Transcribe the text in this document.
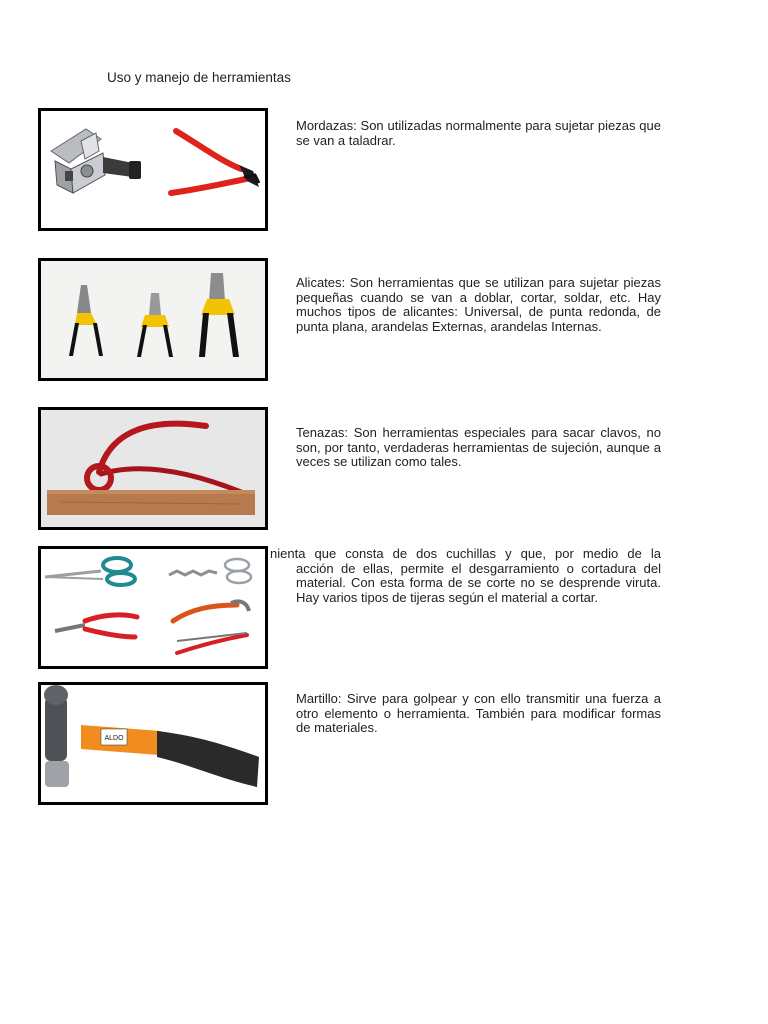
Uso y manejo de herramientas
Mordazas: Son utilizadas normalmente para sujetar piezas que se van a taladrar.
Alicates: Son herramientas que se utilizan para sujetar piezas pequeñas cuando se van a doblar, cortar, soldar, etc. Hay muchos tipos de alicantes: Universal, de punta redonda, de punta plana, arandelas Externas, arandelas Internas.
Tenazas: Son herramientas especiales para sacar clavos, no son, por tanto, verdaderas herramientas de sujeción, aunque a veces se utilizan como tales.
nienta que consta de dos cuchillas y que, por medio de la
acción de ellas, permite el desgarramiento o cortadura del material. Con esta forma de se corte no se desprende viruta. Hay varios tipos de tijeras según el material a cortar.
ALDO
Martillo: Sirve para golpear y con ello transmitir una fuerza a otro elemento o herramienta. También para modificar formas de materiales.
